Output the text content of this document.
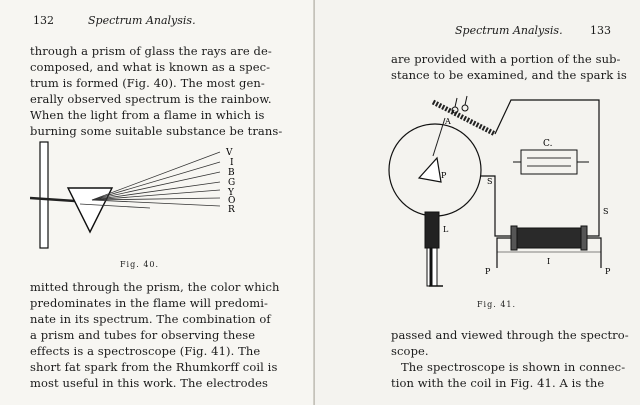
132	Spectrum Analysis.
through a prism of glass the rays are de-
composed, and what is known as a spec-
trum is formed (Fig. 40). The most gen-
erally observed spectrum is the rainbow.
When the light from a flame in which is
burning some suitable substance be trans-
V
I
B
G
Y
O
R
Fig. 40.
mitted through the prism, the color which
predominates in the flame will predomi-
nate in its spectrum. The combination of
a prism and tubes for observing these
effects is a spectroscope (Fig. 41). The
short fat spark from the Rhumkorff coil is
most useful in this work. The electrodes
Spectrum Analysis. 133
are provided with a portion of the sub-
stance to be examined, and the spark is
A
P
L
C.
S
S
I
P	P
Fig. 41.
passed and viewed through the spectro-
scope.
The spectroscope is shown in connec-
tion with the coil in Fig. 41. A is the
